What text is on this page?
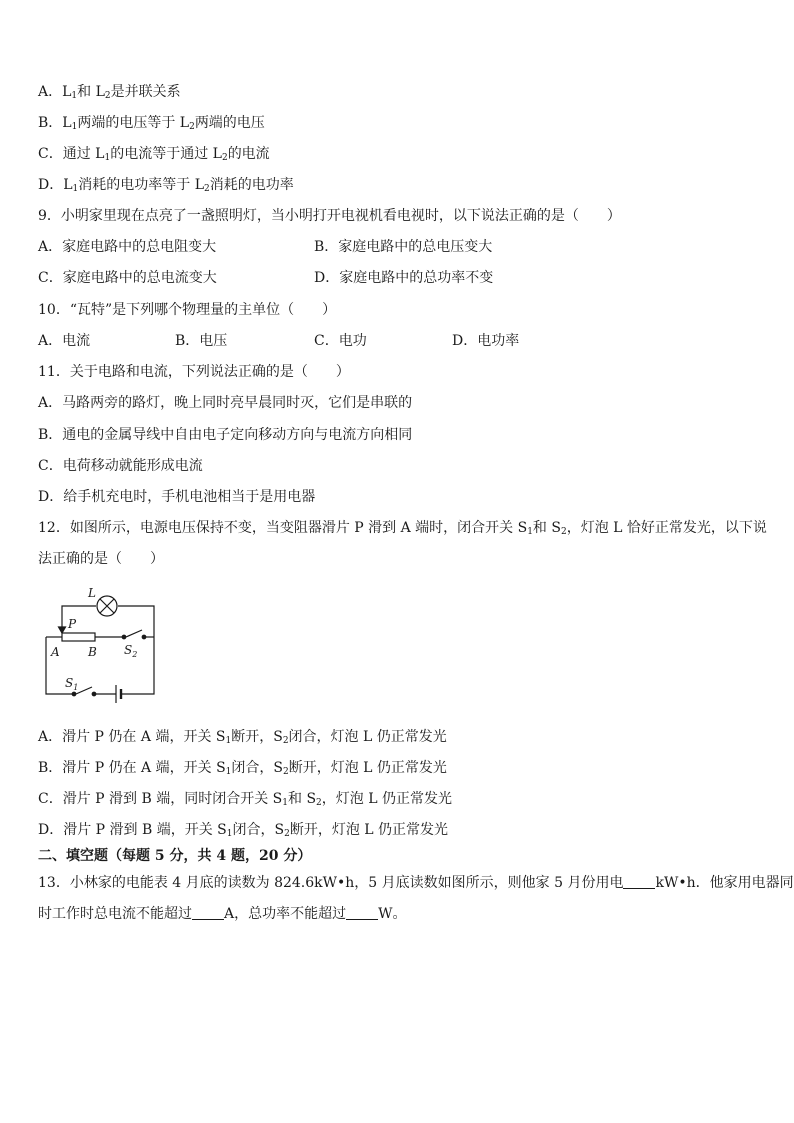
A．$L_1$和 $L_2$是并联关系
B．$L_1$两端的电压等于 $L_2$两端的电压
C．通过 $L_1$的电流等于通过 $L_2$的电流
D．$L_1$消耗的电功率等于 $L_2$消耗的电功率
9．小明家里现在点亮了一盏照明灯，当小明打开电视机看电视时，以下说法正确的是（　　）
A．家庭电路中的总电阻变大	B．家庭电路中的总电压变大
C．家庭电路中的总电流变大	D．家庭电路中的总功率不变
10．“瓦特”是下列哪个物理量的主单位（　　）
A．电流	B．电压	C．电功	D．电功率
11．关于电路和电流，下列说法正确的是（　　）
A．马路两旁的路灯，晚上同时亮早晨同时灭，它们是串联的
B．通电的金属导线中自由电子定向移动方向与电流方向相同
C．电荷移动就能形成电流
D．给手机充电时，手机电池相当于是用电器
12．如图所示，电源电压保持不变，当变阻器滑片 P 滑到 A 端时，闭合开关 $S_1$和 $S_2$，灯泡 L 恰好正常发光，以下说
法正确的是（　　）
L
P
A B $S_2$
$S_1$
A．滑片 P 仍在 A 端，开关 $S_1$断开，$S_2$闭合，灯泡 L 仍正常发光
B．滑片 P 仍在 A 端，开关 $S_1$闭合，$S_2$断开，灯泡 L 仍正常发光
C．滑片 P 滑到 B 端，同时闭合开关 $S_1$和 $S_2$，灯泡 L 仍正常发光
D．滑片 P 滑到 B 端，开关 $S_1$闭合，$S_2$断开，灯泡 L 仍正常发光
二、填空题（每题 5 分，共 4 题，20 分）
13．小林家的电能表 4 月底的读数为 824.6kW•h，5 月底读数如图所示，则他家 5 月份用电 kW•h．他家用电器同
时工作时总电流不能超过 A，总功率不能超过 W。
